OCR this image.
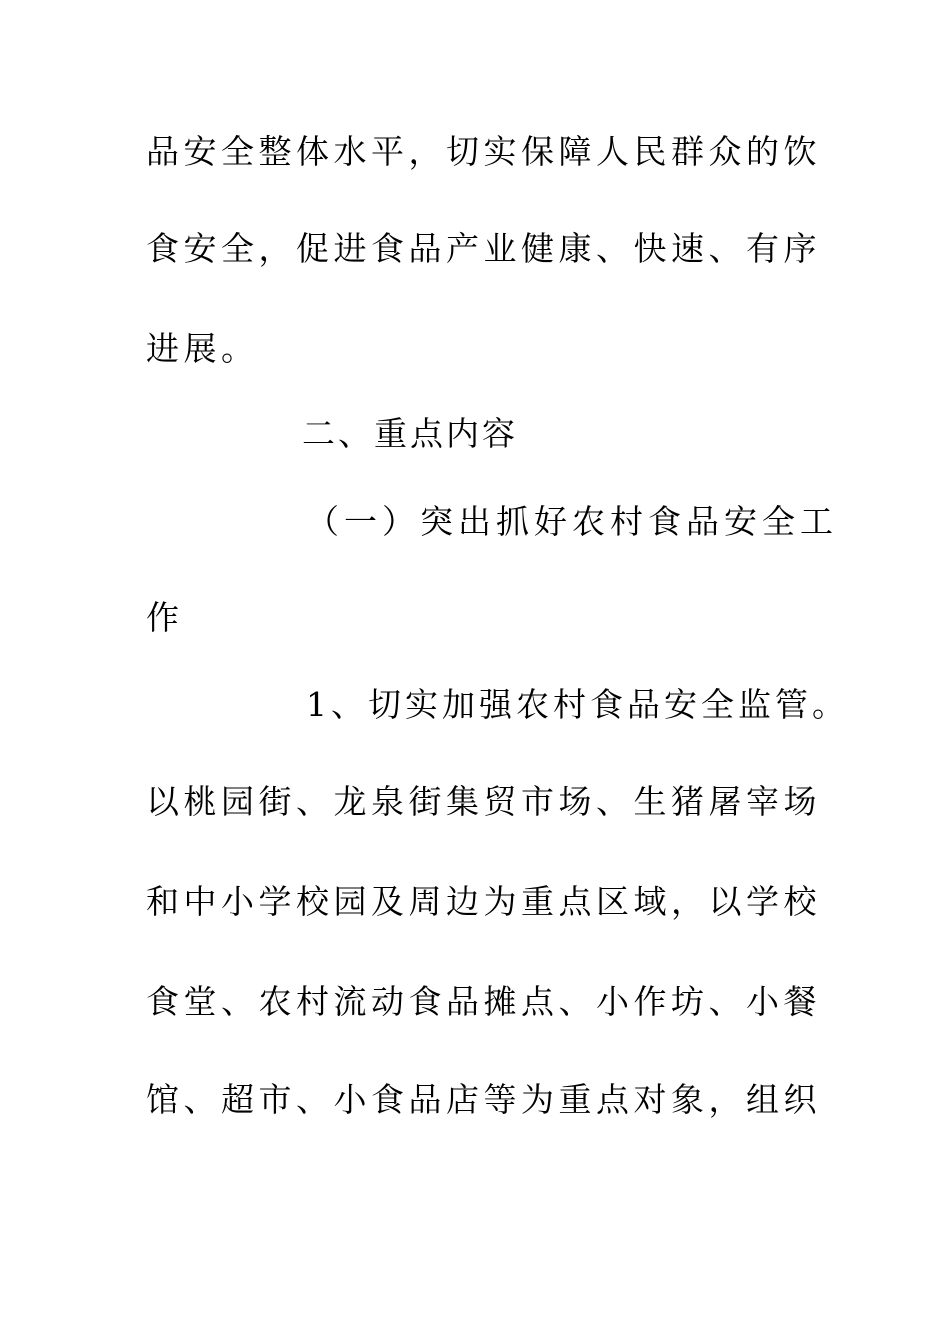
品安全整体水平，切实保障人民群众的饮
食安全，促进食品产业健康、快速、有序
进展。
二、重点内容
（一）突出抓好农村食品安全工
作
1、切实加强农村食品安全监管。
以桃园街、龙泉街集贸市场、生猪屠宰场
和中小学校园及周边为重点区域，以学校
食堂、农村流动食品摊点、小作坊、小餐
馆、超市、小食品店等为重点对象，组织
